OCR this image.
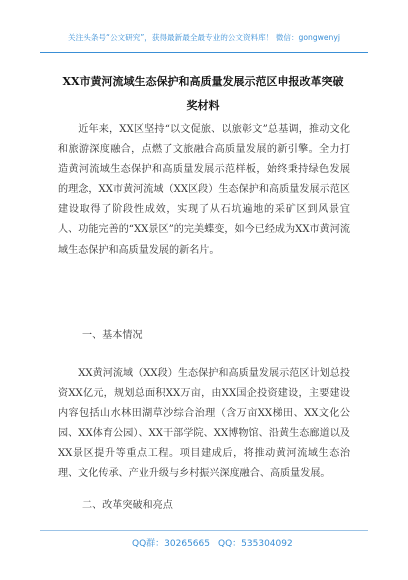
关注头条号“公文研究”，获得最新最全最专业的公文资料库！ 微信：gongwenyj
XX市黄河流域生态保护和高质量发展示范区申报改革突破奖材料

近年来，XX区坚持“以文促旅、以旅彰文”总基调，推动文化和旅游深度融合，点燃了文旅融合高质量发展的新引擎。全力打造黄河流域生态保护和高质量发展示范样板，始终秉持绿色发展的理念，XX市黄河流域（XX区段）生态保护和高质量发展示范区建设取得了阶段性成效，实现了从石坑遍地的采矿区到风景宜人、功能完善的“XX景区”的完美蝶变，如今已经成为XX市黄河流域生态保护和高质量发展的新名片。

一、基本情况

XX黄河流域（XX段）生态保护和高质量发展示范区计划总投资XX亿元，规划总面积XX万亩，由XX国企投资建设，主要建设内容包括山水林田湖草沙综合治理（含万亩XX梯田、XX文化公园、XX体育公园）、XX干部学院、XX博物馆、沿黄生态廊道以及XX景区提升等重点工程。项目建成后，将推动黄河流域生态治理、文化传承、产业升级与乡村振兴深度融合、高质量发展。

二、改革突破和亮点
QQ群：30265665 QQ：535304092
